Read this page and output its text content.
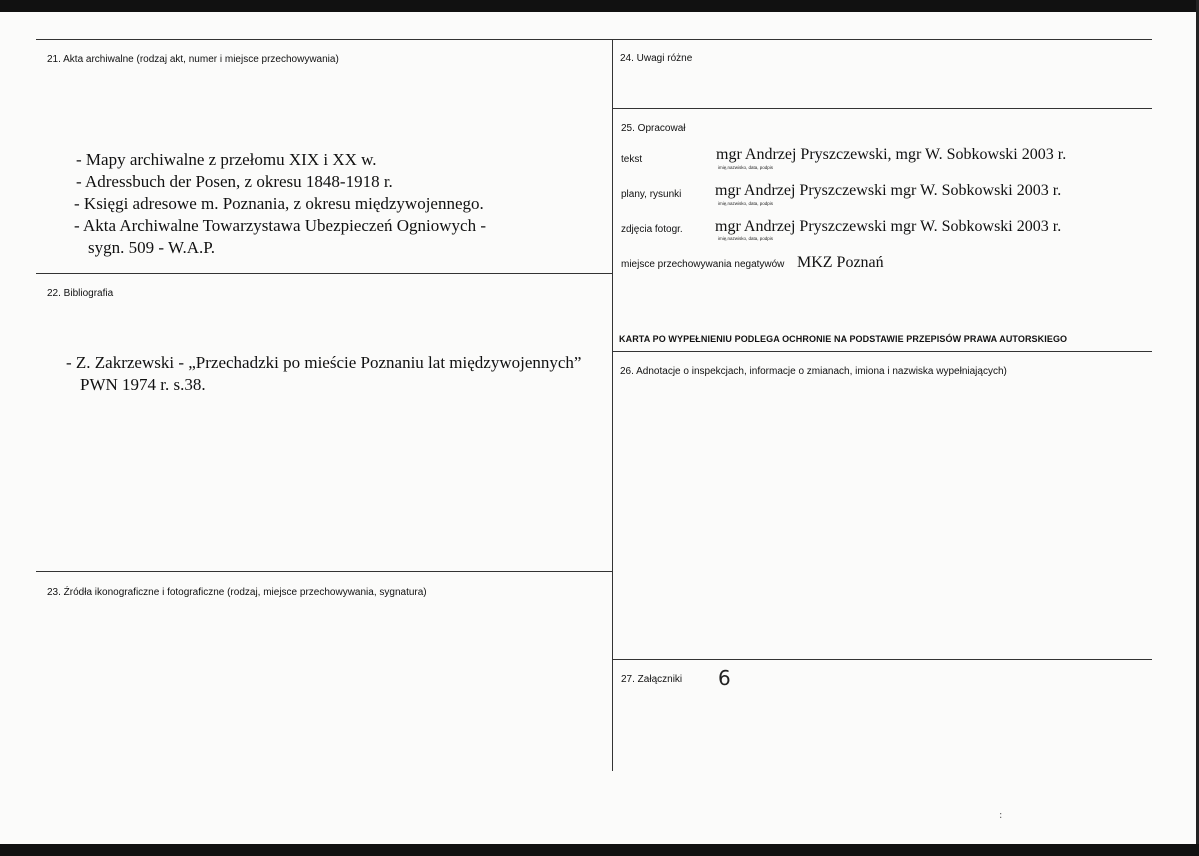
21. Akta archiwalne (rodzaj akt, numer i miejsce przechowywania)
- Mapy archiwalne z przełomu XIX i XX w.
- Adressbuch der Posen, z okresu 1848-1918 r.
- Księgi adresowe m. Poznania, z okresu międzywojennego.
- Akta Archiwalne Towarzystawa Ubezpieczeń Ogniowych -
sygn. 509 - W.A.P.
22. Bibliografia
- Z. Zakrzewski - „Przechadzki po mieście Poznaniu lat międzywojennych”
PWN 1974 r. s.38.
23. Źródła ikonograficzne i fotograficzne (rodzaj, miejsce przechowywania, sygnatura)
24. Uwagi różne
25. Opracował
tekst	mgr Andrzej Pryszczewski, mgr W. Sobkowski 2003 r.
imię,nazwisko, data, podpis
plany, rysunki mgr Andrzej Pryszczewski mgr W. Sobkowski 2003 r.
imię,nazwisko, data, podpis
zdjęcia fotogr. mgr Andrzej Pryszczewski mgr W. Sobkowski 2003 r.
imię,nazwisko, data, podpis
miejsce przechowywania negatywów MKZ Poznań
KARTA PO WYPEŁNIENIU PODLEGA OCHRONIE NA PODSTAWIE PRZEPISÓW PRAWA AUTORSKIEGO
26. Adnotacje o inspekcjach, informacje o zmianach, imiona i nazwiska wypełniających)
27. Załączniki 6
:
